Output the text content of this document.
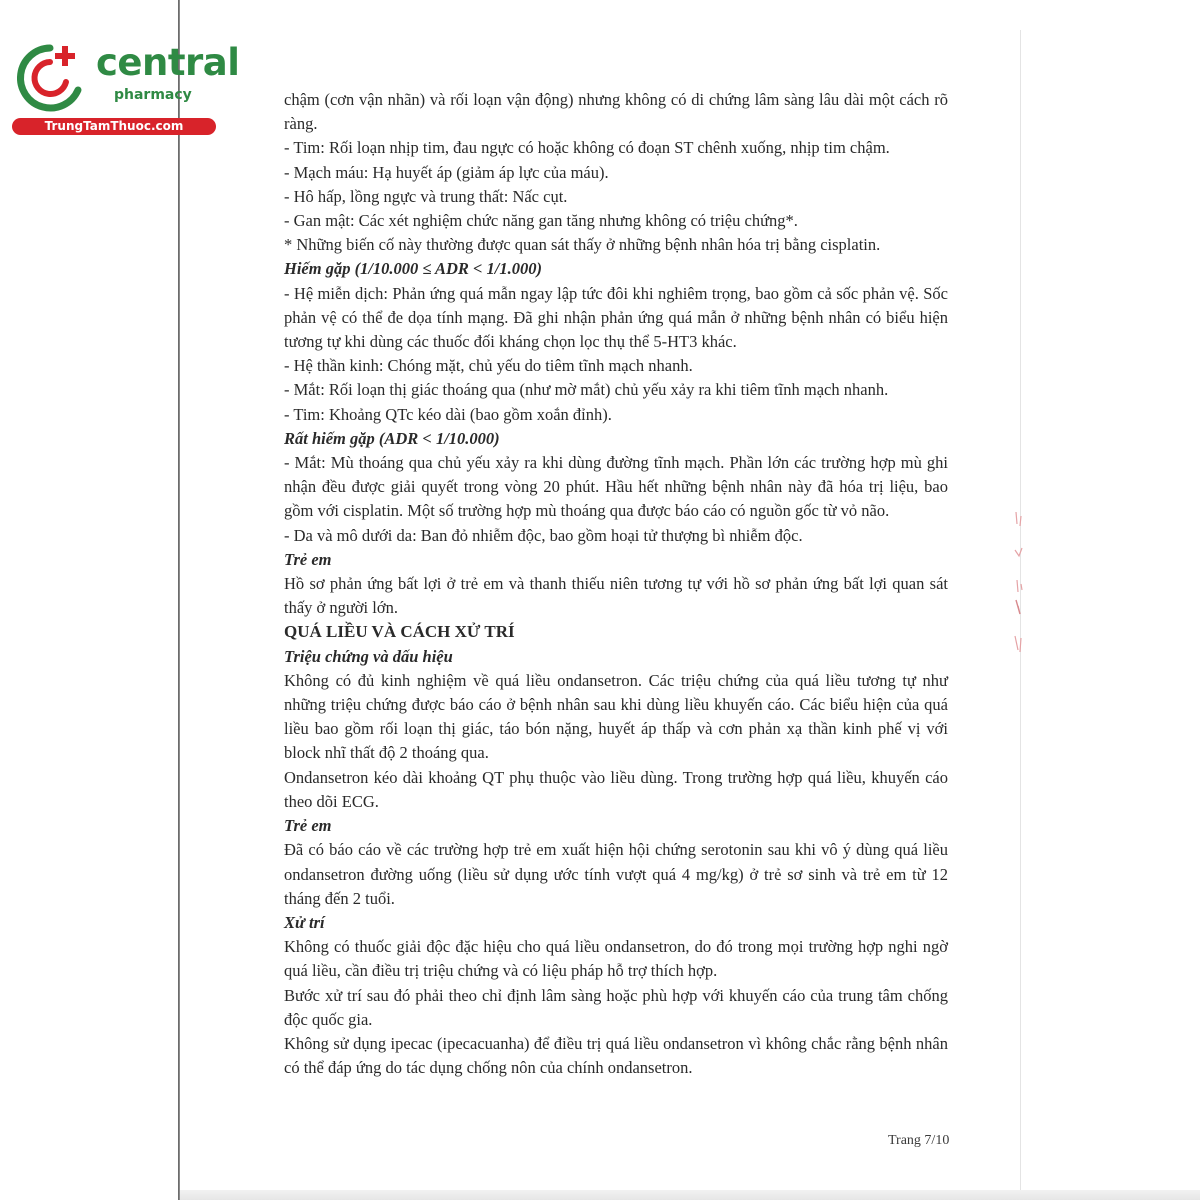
central
pharmacy
TrungTamThuoc.com

chậm (cơn vận nhãn) và rối loạn vận động) nhưng không có di chứng lâm sàng lâu dài một cách rõ ràng.

- Tim: Rối loạn nhịp tim, đau ngực có hoặc không có đoạn ST chênh xuống, nhịp tim chậm.

- Mạch máu: Hạ huyết áp (giảm áp lực của máu).

- Hô hấp, lồng ngực và trung thất: Nấc cụt.

- Gan mật: Các xét nghiệm chức năng gan tăng nhưng không có triệu chứng*.

* Những biến cố này thường được quan sát thấy ở những bệnh nhân hóa trị bằng cisplatin.

Hiếm gặp (1/10.000 ≤ ADR < 1/1.000)

- Hệ miễn dịch: Phản ứng quá mẫn ngay lập tức đôi khi nghiêm trọng, bao gồm cả sốc phản vệ. Sốc phản vệ có thể đe dọa tính mạng. Đã ghi nhận phản ứng quá mẫn ở những bệnh nhân có biểu hiện tương tự khi dùng các thuốc đối kháng chọn lọc thụ thể 5-HT3 khác.

- Hệ thần kinh: Chóng mặt, chủ yếu do tiêm tĩnh mạch nhanh.

- Mắt: Rối loạn thị giác thoáng qua (như mờ mắt) chủ yếu xảy ra khi tiêm tĩnh mạch nhanh.

- Tim: Khoảng QTc kéo dài (bao gồm xoắn đỉnh).

Rất hiếm gặp (ADR < 1/10.000)

- Mắt: Mù thoáng qua chủ yếu xảy ra khi dùng đường tĩnh mạch. Phần lớn các trường hợp mù ghi nhận đều được giải quyết trong vòng 20 phút. Hầu hết những bệnh nhân này đã hóa trị liệu, bao gồm với cisplatin. Một số trường hợp mù thoáng qua được báo cáo có nguồn gốc từ vỏ não.

- Da và mô dưới da: Ban đỏ nhiễm độc, bao gồm hoại tử thượng bì nhiễm độc.

Trẻ em

Hồ sơ phản ứng bất lợi ở trẻ em và thanh thiếu niên tương tự với hồ sơ phản ứng bất lợi quan sát thấy ở người lớn.

QUÁ LIỀU VÀ CÁCH XỬ TRÍ

Triệu chứng và dấu hiệu

Không có đủ kinh nghiệm về quá liều ondansetron. Các triệu chứng của quá liều tương tự như những triệu chứng được báo cáo ở bệnh nhân sau khi dùng liều khuyến cáo. Các biểu hiện của quá liều bao gồm rối loạn thị giác, táo bón nặng, huyết áp thấp và cơn phản xạ thần kinh phế vị với block nhĩ thất độ 2 thoáng qua.

Ondansetron kéo dài khoảng QT phụ thuộc vào liều dùng. Trong trường hợp quá liều, khuyến cáo theo dõi ECG.

Trẻ em

Đã có báo cáo về các trường hợp trẻ em xuất hiện hội chứng serotonin sau khi vô ý dùng quá liều ondansetron đường uống (liều sử dụng ước tính vượt quá 4 mg/kg) ở trẻ sơ sinh và trẻ em từ 12 tháng đến 2 tuổi.

Xử trí

Không có thuốc giải độc đặc hiệu cho quá liều ondansetron, do đó trong mọi trường hợp nghi ngờ quá liều, cần điều trị triệu chứng và có liệu pháp hỗ trợ thích hợp.

Bước xử trí sau đó phải theo chỉ định lâm sàng hoặc phù hợp với khuyến cáo của trung tâm chống độc quốc gia.

Không sử dụng ipecac (ipecacuanha) để điều trị quá liều ondansetron vì không chắc rằng bệnh nhân có thể đáp ứng do tác dụng chống nôn của chính ondansetron.

Trang 7/10
